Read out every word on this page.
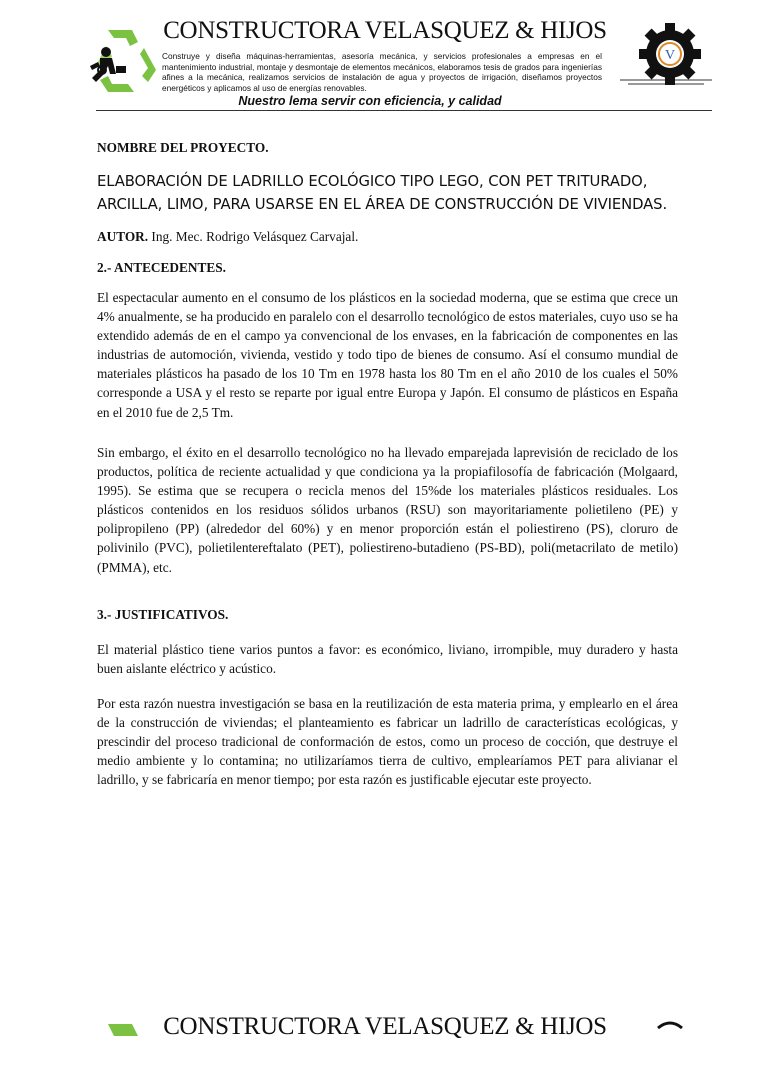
CONSTRUCTORA VELASQUEZ & HIJOS
Construye y diseña máquinas-herramientas, asesoría mecánica, y servicios profesionales a empresas en el mantenimiento industrial, montaje y desmontaje de elementos mecánicos, elaboramos tesis de grados para ingenierías afines a la mecánica, realizamos servicios de instalación de agua y proyectos de irrigación, diseñamos proyectos energéticos y aplicamos al uso de energías renovables.
Nuestro lema servir con eficiencia, y calidad
V
NOMBRE DEL PROYECTO.
ELABORACIÓN DE LADRILLO ECOLÓGICO TIPO LEGO, CON PET TRITURADO, ARCILLA, LIMO, PARA USARSE EN EL ÁREA DE CONSTRUCCIÓN DE VIVIENDAS.
AUTOR. Ing. Mec. Rodrigo Velásquez Carvajal.
2.- ANTECEDENTES.

El espectacular aumento en el consumo de los plásticos en la sociedad moderna, que se estima que crece un 4% anualmente, se ha producido en paralelo con el desarrollo tecnológico de estos materiales, cuyo uso se ha extendido además de en el campo ya convencional de los envases, en la fabricación de componentes en las industrias de automoción, vivienda, vestido y todo tipo de bienes de consumo. Así el consumo mundial de materiales plásticos ha pasado de los 10 Tm en 1978 hasta los 80 Tm en el año 2010 de los cuales el 50% corresponde a USA y el resto se reparte por igual entre Europa y Japón. El consumo de plásticos en España en el 2010 fue de 2,5 Tm.

Sin embargo, el éxito en el desarrollo tecnológico no ha llevado emparejada laprevisión de reciclado de los productos, política de reciente actualidad y que condiciona ya la propiafilosofía de fabricación (Molgaard, 1995). Se estima que se recupera o recicla menos del 15%de los materiales plásticos residuales. Los plásticos contenidos en los residuos sólidos urbanos (RSU) son mayoritariamente polietileno (PE) y polipropileno (PP) (alrededor del 60%) y en menor proporción están el poliestireno (PS), cloruro de polivinilo (PVC), polietilentereftalato (PET), poliestireno-butadieno (PS-BD), poli(metacrilato de metilo) (PMMA), etc.

3.- JUSTIFICATIVOS.

El material plástico tiene varios puntos a favor: es económico, liviano, irrompible, muy duradero y hasta buen aislante eléctrico y acústico.

Por esta razón nuestra investigación se basa en la reutilización de esta materia prima, y emplearlo en el área de la construcción de viviendas; el planteamiento es fabricar un ladrillo de características ecológicas, y prescindir del proceso tradicional de conformación de estos, como un proceso de cocción, que destruye el medio ambiente y lo contamina; no utilizaríamos tierra de cultivo, emplearíamos PET para alivianar el ladrillo, y se fabricaría en menor tiempo; por esta razón es justificable ejecutar este proyecto.

CONSTRUCTORA VELASQUEZ & HIJOS
